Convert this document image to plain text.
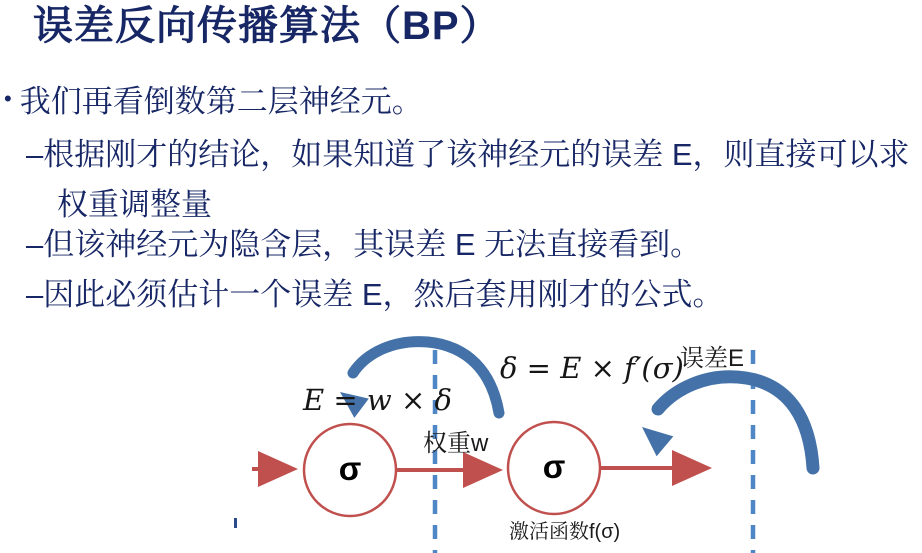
误差反向传播算法（BP）
• 我们再看倒数第二层神经元。
–根据刚才的结论，如果知道了该神经元的误差 E，则直接可以求
权重调整量
–但该神经元为隐含层，其误差 E 无法直接看到。
–因此必须估计一个误差 E，然后套用刚才的公式。
E = w × δ
δ = E × f′(σ)
权重w
误差E
激活函数f(σ)
σ	σ
